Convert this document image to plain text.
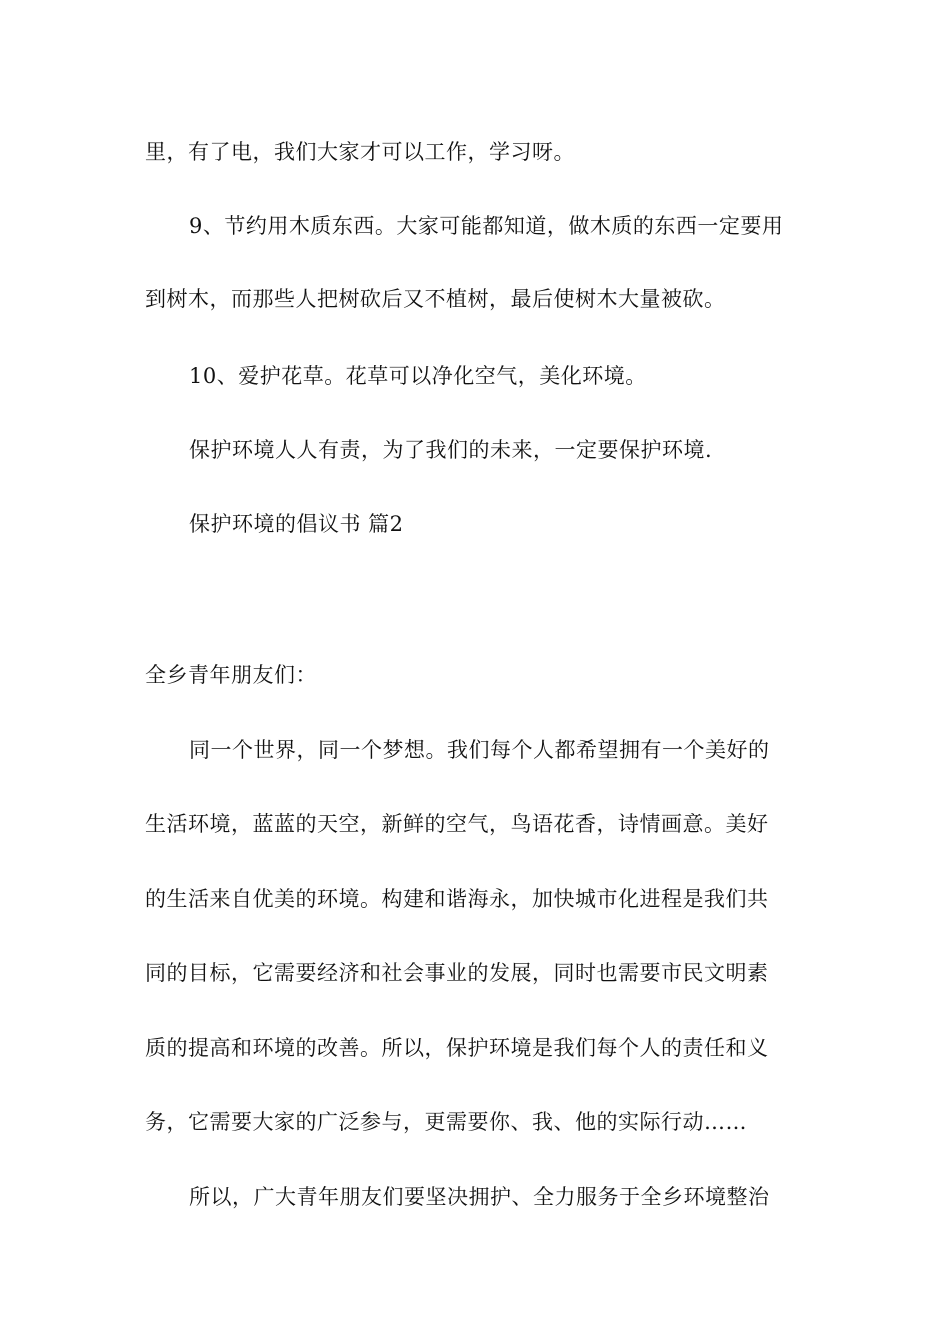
里，有了电，我们大家才可以工作，学习呀。
9、节约用木质东西。大家可能都知道，做木质的东西一定要用
到树木，而那些人把树砍后又不植树，最后使树木大量被砍。
10、爱护花草。花草可以净化空气，美化环境。
保护环境人人有责，为了我们的未来，一定要保护环境.
保护环境的倡议书 篇2
全乡青年朋友们：
同一个世界，同一个梦想。我们每个人都希望拥有一个美好的
生活环境，蓝蓝的天空，新鲜的空气，鸟语花香，诗情画意。美好
的生活来自优美的环境。构建和谐海永，加快城市化进程是我们共
同的目标，它需要经济和社会事业的发展，同时也需要市民文明素
质的提高和环境的改善。所以，保护环境是我们每个人的责任和义
务，它需要大家的广泛参与，更需要你、我、他的实际行动……
所以，广大青年朋友们要坚决拥护、全力服务于全乡环境整治
